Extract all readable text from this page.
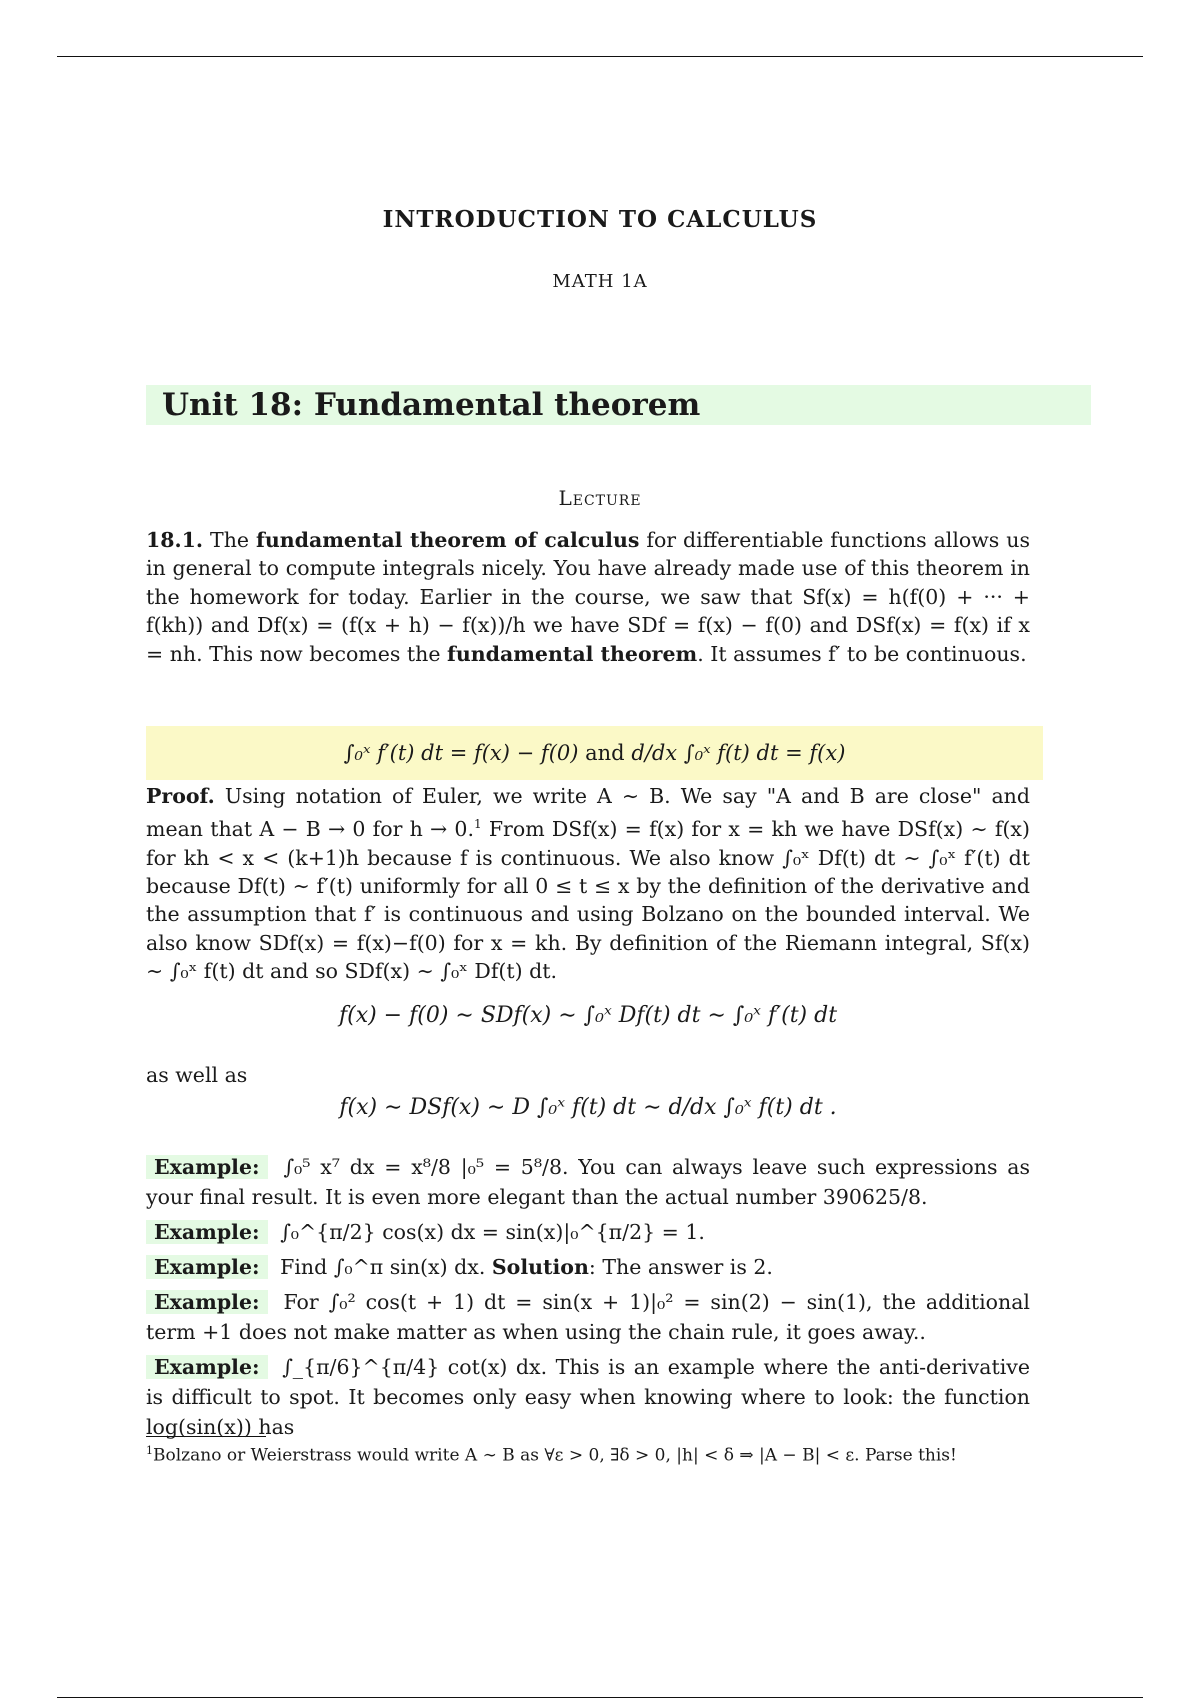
INTRODUCTION TO CALCULUS
MATH 1A
Unit 18: Fundamental theorem
Lecture
18.1. The fundamental theorem of calculus for differentiable functions allows us in general to compute integrals nicely. You have already made use of this theorem in the homework for today. Earlier in the course, we saw that Sf(x) = h(f(0) + ··· + f(kh)) and Df(x) = (f(x + h) − f(x))/h we have SDf = f(x) − f(0) and DSf(x) = f(x) if x = nh. This now becomes the fundamental theorem. It assumes f′ to be continuous.
∫₀ˣ f′(t) dt = f(x) − f(0)
and
d/dx ∫₀ˣ f(t) dt = f(x)
Proof. Using notation of Euler, we write A ∼ B. We say "A and B are close" and mean that A − B → 0 for h → 0.$^1$ From DSf(x) = f(x) for x = kh we have DSf(x) ∼ f(x) for kh < x < (k+1)h because f is continuous. We also know ∫₀ˣ Df(t) dt ∼ ∫₀ˣ f′(t) dt because Df(t) ∼ f′(t) uniformly for all 0 ≤ t ≤ x by the definition of the derivative and the assumption that f′ is continuous and using Bolzano on the bounded interval. We also know SDf(x) = f(x)−f(0) for x = kh. By definition of the Riemann integral, Sf(x) ∼ ∫₀ˣ f(t) dt and so SDf(x) ∼ ∫₀ˣ Df(t) dt.
f(x) − f(0) ∼ SDf(x) ∼ ∫₀ˣ Df(t) dt ∼ ∫₀ˣ f′(t) dt
as well as
f(x) ∼ DSf(x) ∼ D ∫₀ˣ f(t) dt ∼ d/dx ∫₀ˣ f(t) dt .
Example: ∫₀⁵ x⁷ dx = x⁸/8 |₀⁵ = 5⁸/8. You can always leave such expressions as your final result. It is even more elegant than the actual number 390625/8.
Example: ∫₀^{π/2} cos(x) dx = sin(x)|₀^{π/2} = 1.
Example: Find ∫₀^π sin(x) dx. Solution: The answer is 2.
Example: For ∫₀² cos(t + 1) dt = sin(x + 1)|₀² = sin(2) − sin(1), the additional term +1 does not make matter as when using the chain rule, it goes away..
Example: ∫_{π/6}^{π/4} cot(x) dx. This is an example where the anti-derivative is difficult to spot. It becomes only easy when knowing where to look: the function log(sin(x)) has
$^1$Bolzano or Weierstrass would write A ∼ B as ∀ε > 0, ∃δ > 0, |h| < δ ⇒ |A − B| < ε. Parse this!
